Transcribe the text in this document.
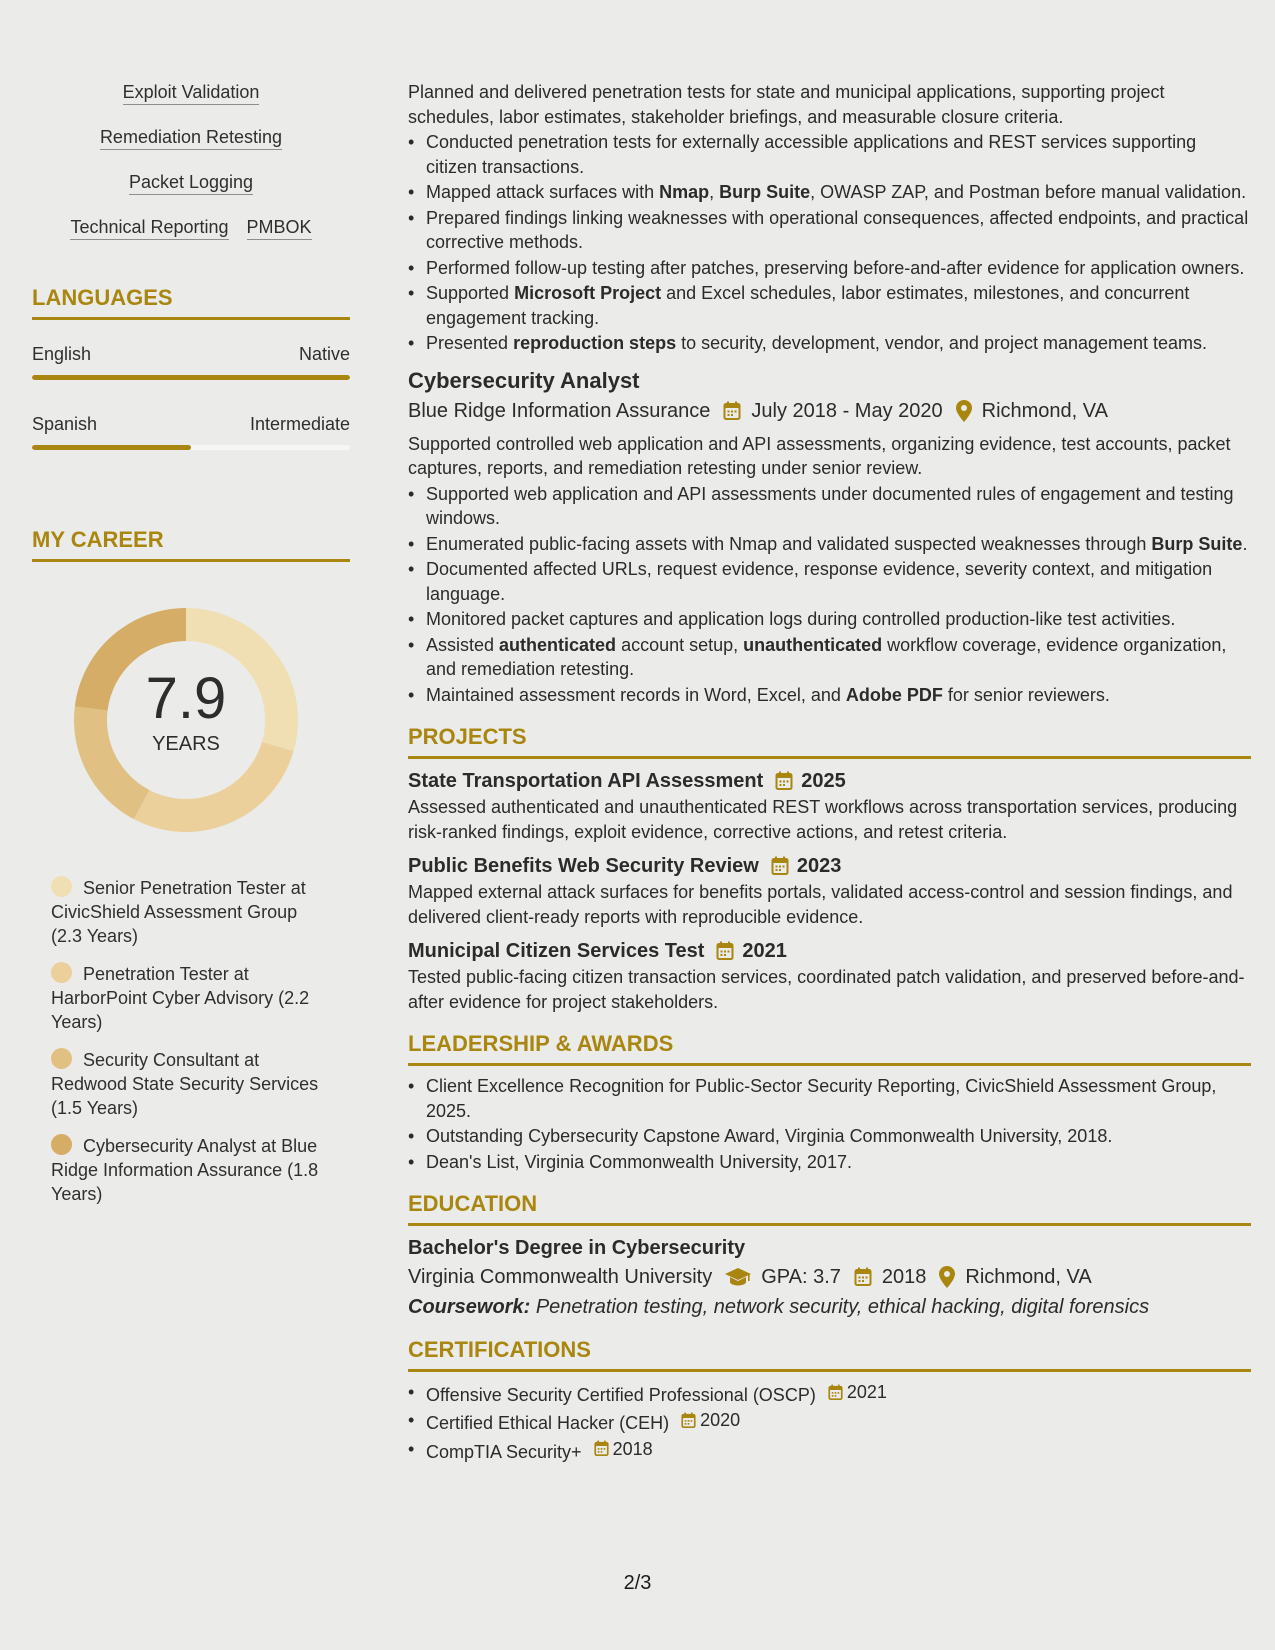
Exploit Validation
Remediation Retesting
Packet Logging
Technical Reporting PMBOK
LANGUAGES
English	Native
Spanish	Intermediate
MY CAREER
7.9
YEARS
Senior Penetration Tester at CivicShield Assessment Group (2.3 Years)
Penetration Tester at HarborPoint Cyber Advisory (2.2 Years)
Security Consultant at Redwood State Security Services (1.5 Years)
Cybersecurity Analyst at Blue Ridge Information Assurance (1.8 Years)
Planned and delivered penetration tests for state and municipal applications, supporting project schedules, labor estimates, stakeholder briefings, and measurable closure criteria.
• Conducted penetration tests for externally accessible applications and REST services supporting citizen transactions.
• Mapped attack surfaces with Nmap, Burp Suite, OWASP ZAP, and Postman before manual validation.
• Prepared findings linking weaknesses with operational consequences, affected endpoints, and practical corrective methods.
• Performed follow-up testing after patches, preserving before-and-after evidence for application owners.
• Supported Microsoft Project and Excel schedules, labor estimates, milestones, and concurrent engagement tracking.
• Presented reproduction steps to security, development, vendor, and project management teams.
Cybersecurity Analyst
Blue Ridge Information Assurance July 2018 - May 2020 Richmond, VA
Supported controlled web application and API assessments, organizing evidence, test accounts, packet captures, reports, and remediation retesting under senior review.
• Supported web application and API assessments under documented rules of engagement and testing windows.
• Enumerated public-facing assets with Nmap and validated suspected weaknesses through Burp Suite.
• Documented affected URLs, request evidence, response evidence, severity context, and mitigation language.
• Monitored packet captures and application logs during controlled production-like test activities.
• Assisted authenticated account setup, unauthenticated workflow coverage, evidence organization, and remediation retesting.
• Maintained assessment records in Word, Excel, and Adobe PDF for senior reviewers.
PROJECTS
State Transportation API Assessment 2025
Assessed authenticated and unauthenticated REST workflows across transportation services, producing risk-ranked findings, exploit evidence, corrective actions, and retest criteria.
Public Benefits Web Security Review 2023
Mapped external attack surfaces for benefits portals, validated access-control and session findings, and delivered client-ready reports with reproducible evidence.
Municipal Citizen Services Test 2021
Tested public-facing citizen transaction services, coordinated patch validation, and preserved before-and-after evidence for project stakeholders.
LEADERSHIP & AWARDS
• Client Excellence Recognition for Public-Sector Security Reporting, CivicShield Assessment Group, 2025.
• Outstanding Cybersecurity Capstone Award, Virginia Commonwealth University, 2018.
• Dean's List, Virginia Commonwealth University, 2017.
EDUCATION
Bachelor's Degree in Cybersecurity
Virginia Commonwealth University GPA: 3.7 2018 Richmond, VA
Coursework: Penetration testing, network security, ethical hacking, digital forensics
CERTIFICATIONS
• Offensive Security Certified Professional (OSCP) 2021
• Certified Ethical Hacker (CEH) 2020
• CompTIA Security+ 2018
2/3
